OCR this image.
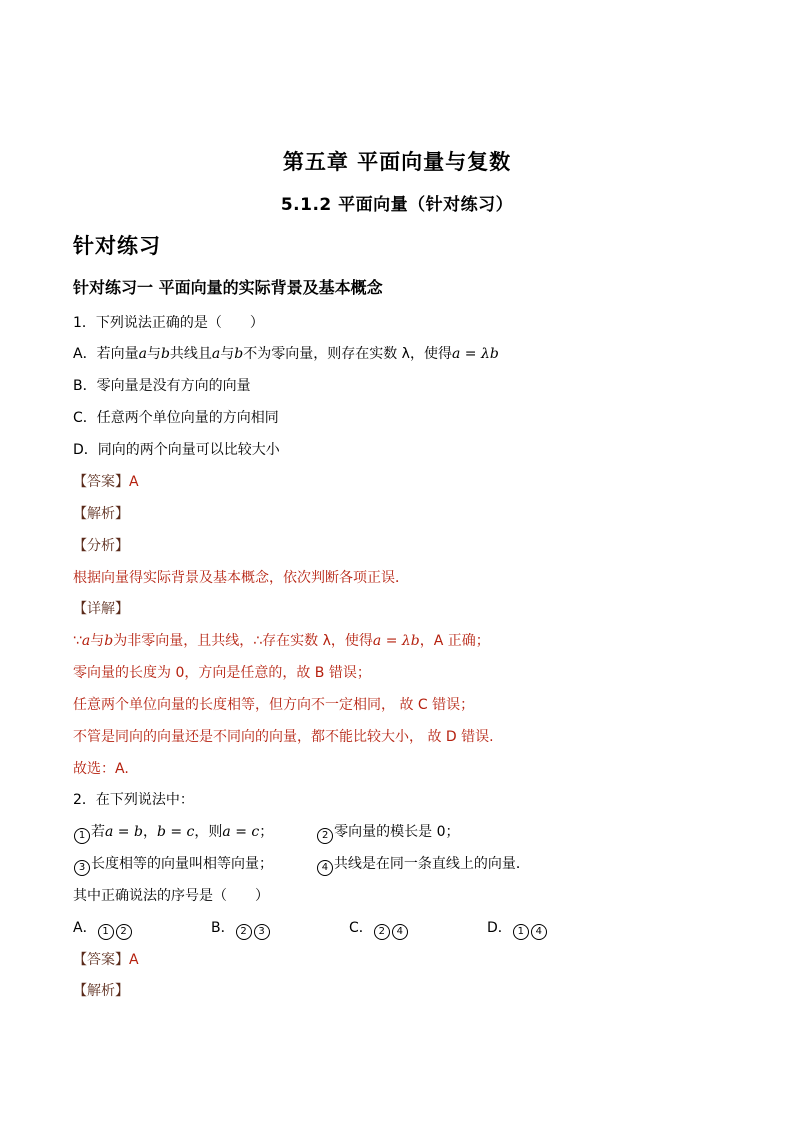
第五章 平面向量与复数
5.1.2 平面向量（针对练习）
针对练习
针对练习一 平面向量的实际背景及基本概念
1．下列说法正确的是（　　）
A．若向量a与b共线且a与b不为零向量，则存在实数 λ，使得a = λb
B．零向量是没有方向的向量
C．任意两个单位向量的方向相同
D．同向的两个向量可以比较大小
【答案】A
【解析】
【分析】
根据向量得实际背景及基本概念，依次判断各项正误．
【详解】
∵a与b为非零向量，且共线，∴存在实数 λ，使得a = λb，A 正确；
零向量的长度为 0，方向是任意的，故 B 错误；
任意两个单位向量的长度相等，但方向不一定相同， 故 C 错误；
不管是同向的向量还是不同向的向量，都不能比较大小， 故 D 错误.
故选：A.
2．在下列说法中：
1 若a = b，b = c，则a = c；	2 零向量的模长是 0；
3 长度相等的向量叫相等向量；	4 共线是在同一条直线上的向量．
其中正确说法的序号是（　　）
A． 1 2	B． 2 3	C． 2 4	D． 1 4
【答案】A
【解析】
